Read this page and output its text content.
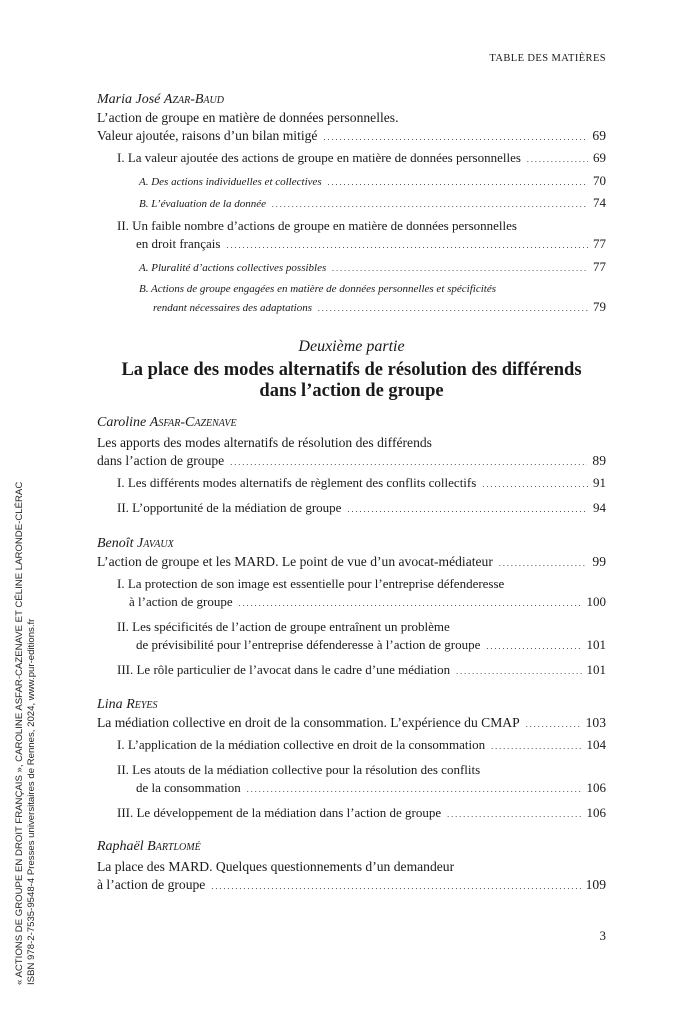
TABLE DES MATIÈRES
Maria José Azar-Baud
L’action de groupe en matière de données personnelles.
Valeur ajoutée, raisons d’un bilan mitigé .....	69
I. La valeur ajoutée des actions de groupe en matière de données personnelles .....	69
A. Des actions individuelles et collectives .....	70
B. L’évaluation de la donnée .....	74
II. Un faible nombre d’actions de groupe en matière de données personnelles
en droit français .....	77
A. Pluralité d’actions collectives possibles .....	77
B. Actions de groupe engagées en matière de données personnelles et spécificités
rendant nécessaires des adaptations .....	79
Deuxième partie
La place des modes alternatifs de résolution des différends
dans l’action de groupe
Caroline Asfar-Cazenave
Les apports des modes alternatifs de résolution des différends
dans l’action de groupe .....	89
I. Les différents modes alternatifs de règlement des conflits collectifs .....	91
II. L’opportunité de la médiation de groupe .....	94
Benoît Javaux
L’action de groupe et les MARD. Le point de vue d’un avocat-médiateur .....	99
I. La protection de son image est essentielle pour l’entreprise défenderesse
à l’action de groupe .....	100
II. Les spécificités de l’action de groupe entraînent un problème
de prévisibilité pour l’entreprise défenderesse à l’action de groupe .....	101
III. Le rôle particulier de l’avocat dans le cadre d’une médiation .....	101
Lina Reyes
La médiation collective en droit de la consommation. L’expérience du CMAP .....	103
I. L’application de la médiation collective en droit de la consommation .....	104
II. Les atouts de la médiation collective pour la résolution des conflits
de la consommation .....	106
III. Le développement de la médiation dans l’action de groupe .....	106
Raphaël Bartlomé
La place des MARD. Quelques questionnements d’un demandeur
à l’action de groupe .....	109
3
« ACTIONS DE GROUPE EN DROIT FRANÇAIS », CAROLINE ASFAR-CAZENAVE ET CÉLINE LARONDE-CLÉRAC ISBN 978-2-7535-9548-4 Presses universitaires de Rennes, 2024, www.pur-editions.fr
